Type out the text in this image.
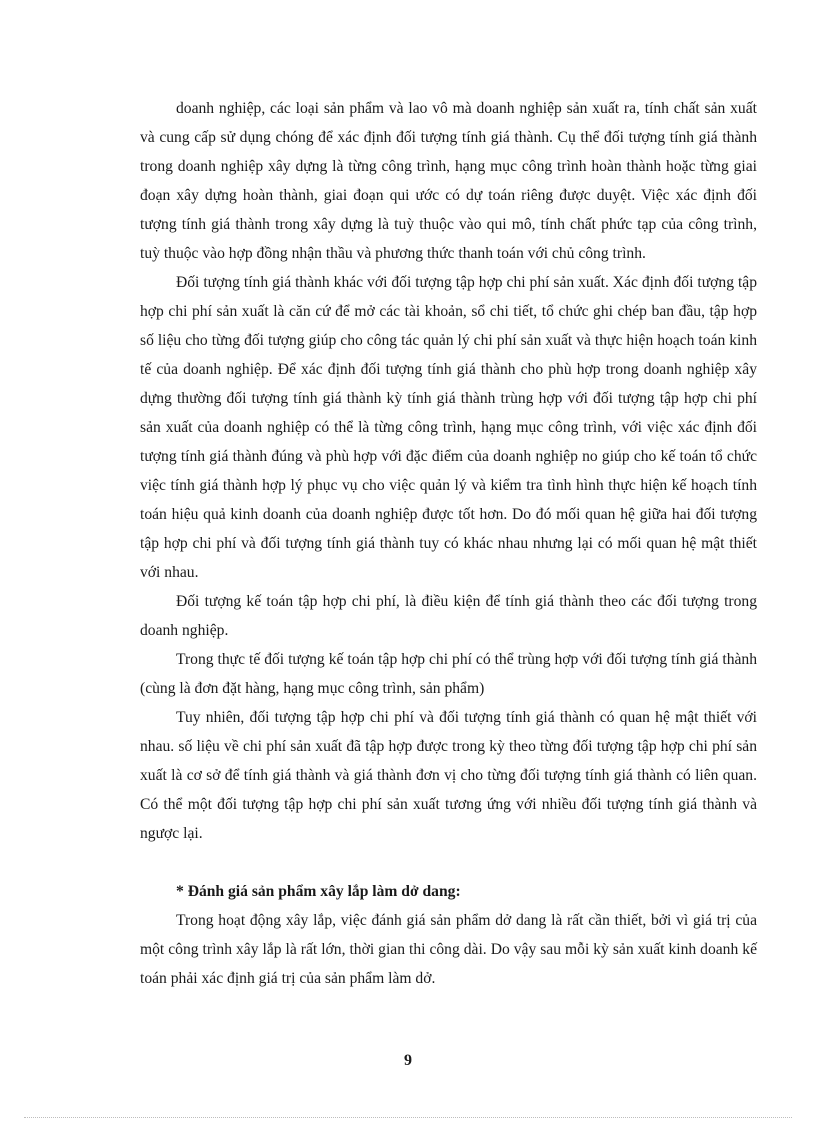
doanh nghiệp, các loại sản phẩm và lao vô mà doanh nghiệp sản xuất ra, tính chất sản xuất và cung cấp sử dụng chóng để xác định đối tượng tính giá thành. Cụ thể đối tượng tính giá thành trong doanh nghiệp xây dựng là từng công trình, hạng mục công trình hoàn thành hoặc từng giai đoạn xây dựng hoàn thành, giai đoạn qui ước có dự toán riêng được duyệt. Việc xác định đối tượng tính giá thành trong xây dựng là tuỳ thuộc vào qui mô, tính chất phức tạp của công trình, tuỳ thuộc vào hợp đồng nhận thầu và phương thức thanh toán với chủ công trình.

Đối tượng tính giá thành khác với đối tượng tập hợp chi phí sản xuất. Xác định đối tượng tập hợp chi phí sản xuất là căn cứ để mở các tài khoản, sổ chi tiết, tổ chức ghi chép ban đầu, tập hợp số liệu cho từng đối tượng giúp cho công tác quản lý chi phí sản xuất và thực hiện hoạch toán kinh tế của doanh nghiệp. Để xác định đối tượng tính giá thành cho phù hợp trong doanh nghiệp xây dựng thường đối tượng tính giá thành kỳ tính giá thành trùng hợp với đối tượng tập hợp chi phí sản xuất của doanh nghiệp có thể là từng công trình, hạng mục công trình, với việc xác định đối tượng tính giá thành đúng và phù hợp với đặc điểm của doanh nghiệp no giúp cho kế toán tổ chức việc tính giá thành hợp lý phục vụ cho việc quản lý và kiểm tra tình hình thực hiện kế hoạch tính toán hiệu quả kinh doanh của doanh nghiệp được tốt hơn. Do đó mối quan hệ giữa hai đối tượng tập hợp chi phí và đối tượng tính giá thành tuy có khác nhau nhưng lại có mối quan hệ mật thiết với nhau.

Đối tượng kế toán tập hợp chi phí, là điều kiện để tính giá thành theo các đối tượng trong doanh nghiệp.

Trong thực tế đối tượng kế toán tập hợp chi phí có thể trùng hợp với đối tượng tính giá thành (cùng là đơn đặt hàng, hạng mục công trình, sản phẩm)

Tuy nhiên, đối tượng tập hợp chi phí và đối tượng tính giá thành có quan hệ mật thiết với nhau. số liệu về chi phí sản xuất đã tập hợp được trong kỳ theo từng đối tượng tập hợp chi phí sản xuất là cơ sở để tính giá thành và giá thành đơn vị cho từng đối tượng tính giá thành có liên quan. Có thể một đối tượng tập hợp chi phí sản xuất tương ứng với nhiều đối tượng tính giá thành và ngược lại.

* Đánh giá sản phẩm xây lắp làm dở dang:

Trong hoạt động xây lắp, việc đánh giá sản phẩm dở dang là rất cần thiết, bởi vì giá trị của một công trình xây lắp là rất lớn, thời gian thi công dài. Do vậy sau mỗi kỳ sản xuất kinh doanh kế toán phải xác định giá trị của sản phẩm làm dở.

9
